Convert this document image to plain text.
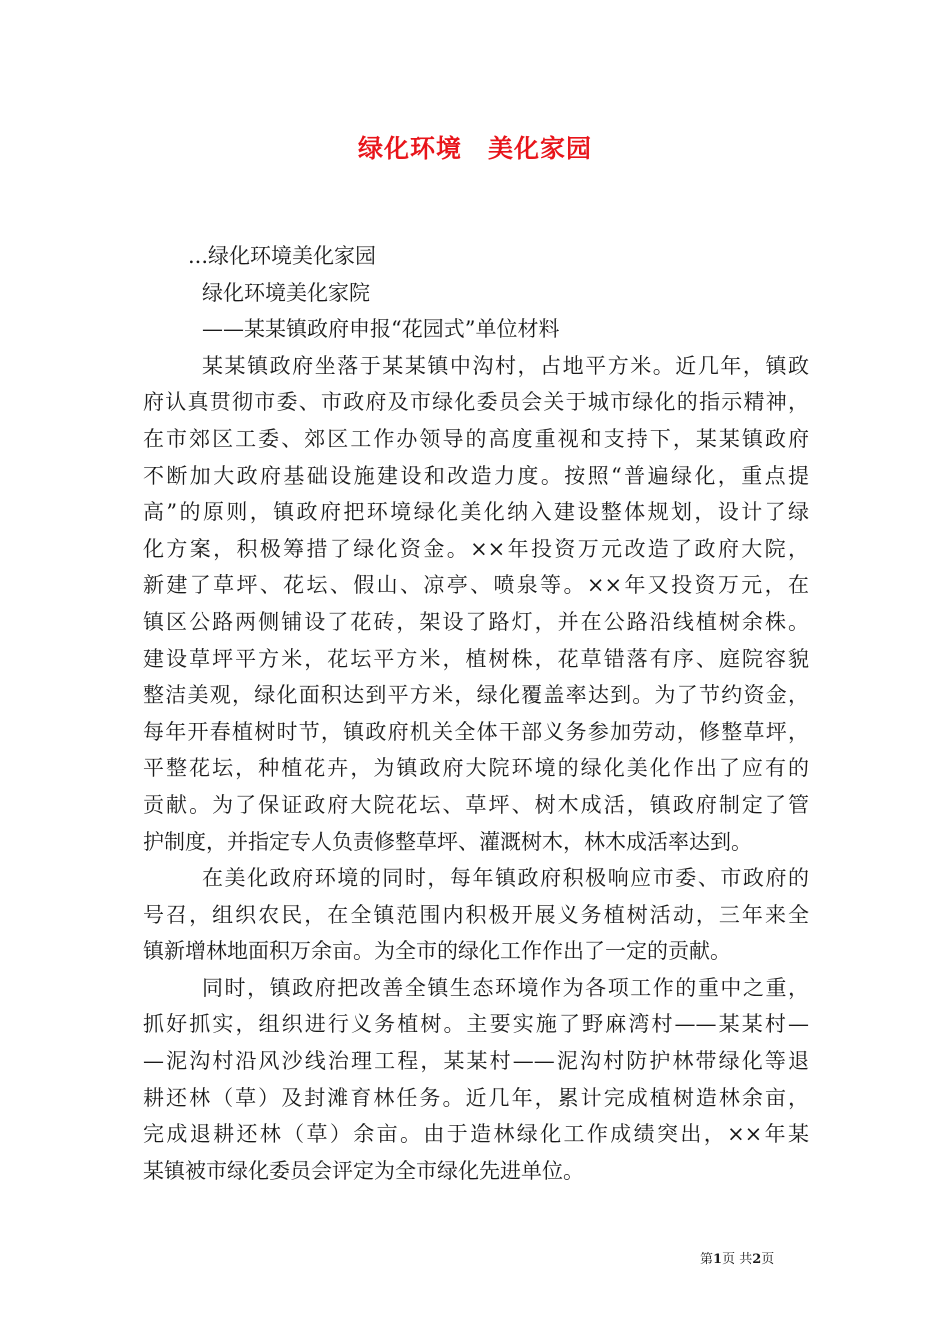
绿化环境　美化家园

...绿化环境美化家园

绿化环境美化家院

——某某镇政府申报“花园式”单位材料

某某镇政府坐落于某某镇中沟村，占地平方米。近几年，镇政

府认真贯彻市委、市政府及市绿化委员会关于城市绿化的指示精神，

在市郊区工委、郊区工作办领导的高度重视和支持下，某某镇政府

不断加大政府基础设施建设和改造力度。按照“普遍绿化，重点提

高”的原则，镇政府把环境绿化美化纳入建设整体规划，设计了绿

化方案，积极筹措了绿化资金。××年投资万元改造了政府大院，

新建了草坪、花坛、假山、凉亭、喷泉等。××年又投资万元，在

镇区公路两侧铺设了花砖，架设了路灯，并在公路沿线植树余株。

建设草坪平方米，花坛平方米，植树株，花草错落有序、庭院容貌

整洁美观，绿化面积达到平方米，绿化覆盖率达到。为了节约资金，

每年开春植树时节，镇政府机关全体干部义务参加劳动，修整草坪，

平整花坛，种植花卉，为镇政府大院环境的绿化美化作出了应有的

贡献。为了保证政府大院花坛、草坪、树木成活，镇政府制定了管

护制度，并指定专人负责修整草坪、灌溉树木，林木成活率达到。

在美化政府环境的同时，每年镇政府积极响应市委、市政府的

号召，组织农民，在全镇范围内积极开展义务植树活动，三年来全

镇新增林地面积万余亩。为全市的绿化工作作出了一定的贡献。

同时，镇政府把改善全镇生态环境作为各项工作的重中之重，

抓好抓实，组织进行义务植树。主要实施了野麻湾村——某某村—

—泥沟村沿风沙线治理工程，某某村——泥沟村防护林带绿化等退

耕还林（草）及封滩育林任务。近几年，累计完成植树造林余亩，

完成退耕还林（草）余亩。由于造林绿化工作成绩突出，××年某

某镇被市绿化委员会评定为全市绿化先进单位。

第1页 共2页
